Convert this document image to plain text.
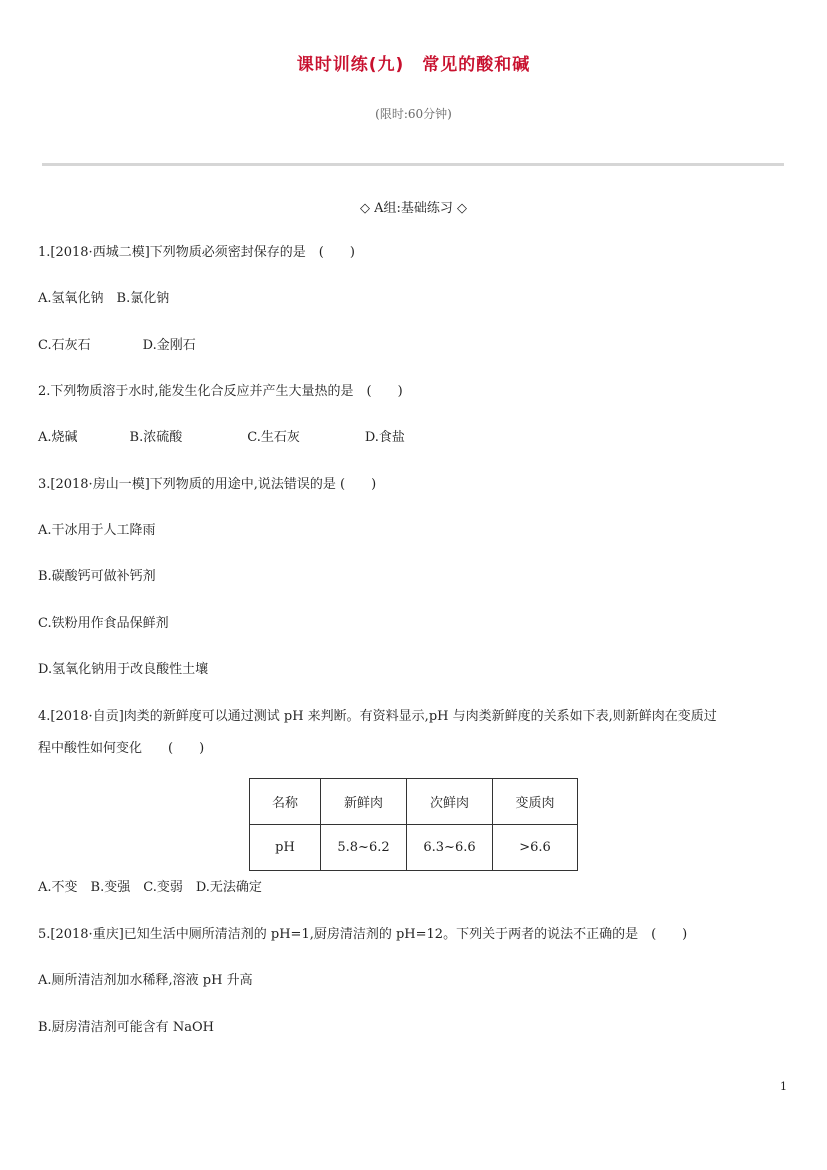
课时训练(九)　常见的酸和碱
(限时:60分钟)
◇ A组:基础练习 ◇
1.[2018·西城二模]下列物质必须密封保存的是　(　　)
A.氢氧化钠　B.氯化钠
C.石灰石　　　　D.金刚石
2.下列物质溶于水时,能发生化合反应并产生大量热的是　(　　)
A.烧碱　　　　B.浓硫酸　　　　　C.生石灰　　　　　D.食盐
3.[2018·房山一模]下列物质的用途中,说法错误的是 (　　)
A.干冰用于人工降雨
B.碳酸钙可做补钙剂
C.铁粉用作食品保鲜剂
D.氢氧化钠用于改良酸性土壤
4.[2018·自贡]肉类的新鲜度可以通过测试 pH 来判断。有资料显示,pH 与肉类新鲜度的关系如下表,则新鲜肉在变质过
程中酸性如何变化　　(　　)
名称	新鲜肉	次鲜肉	变质肉
pH	5.8~6.2	6.3~6.6	>6.6
A.不变　B.变强　C.变弱　D.无法确定
5.[2018·重庆]已知生活中厕所清洁剂的 pH=1,厨房清洁剂的 pH=12。下列关于两者的说法不正确的是　(　　)
A.厕所清洁剂加水稀释,溶液 pH 升高
B.厨房清洁剂可能含有 NaOH
1
